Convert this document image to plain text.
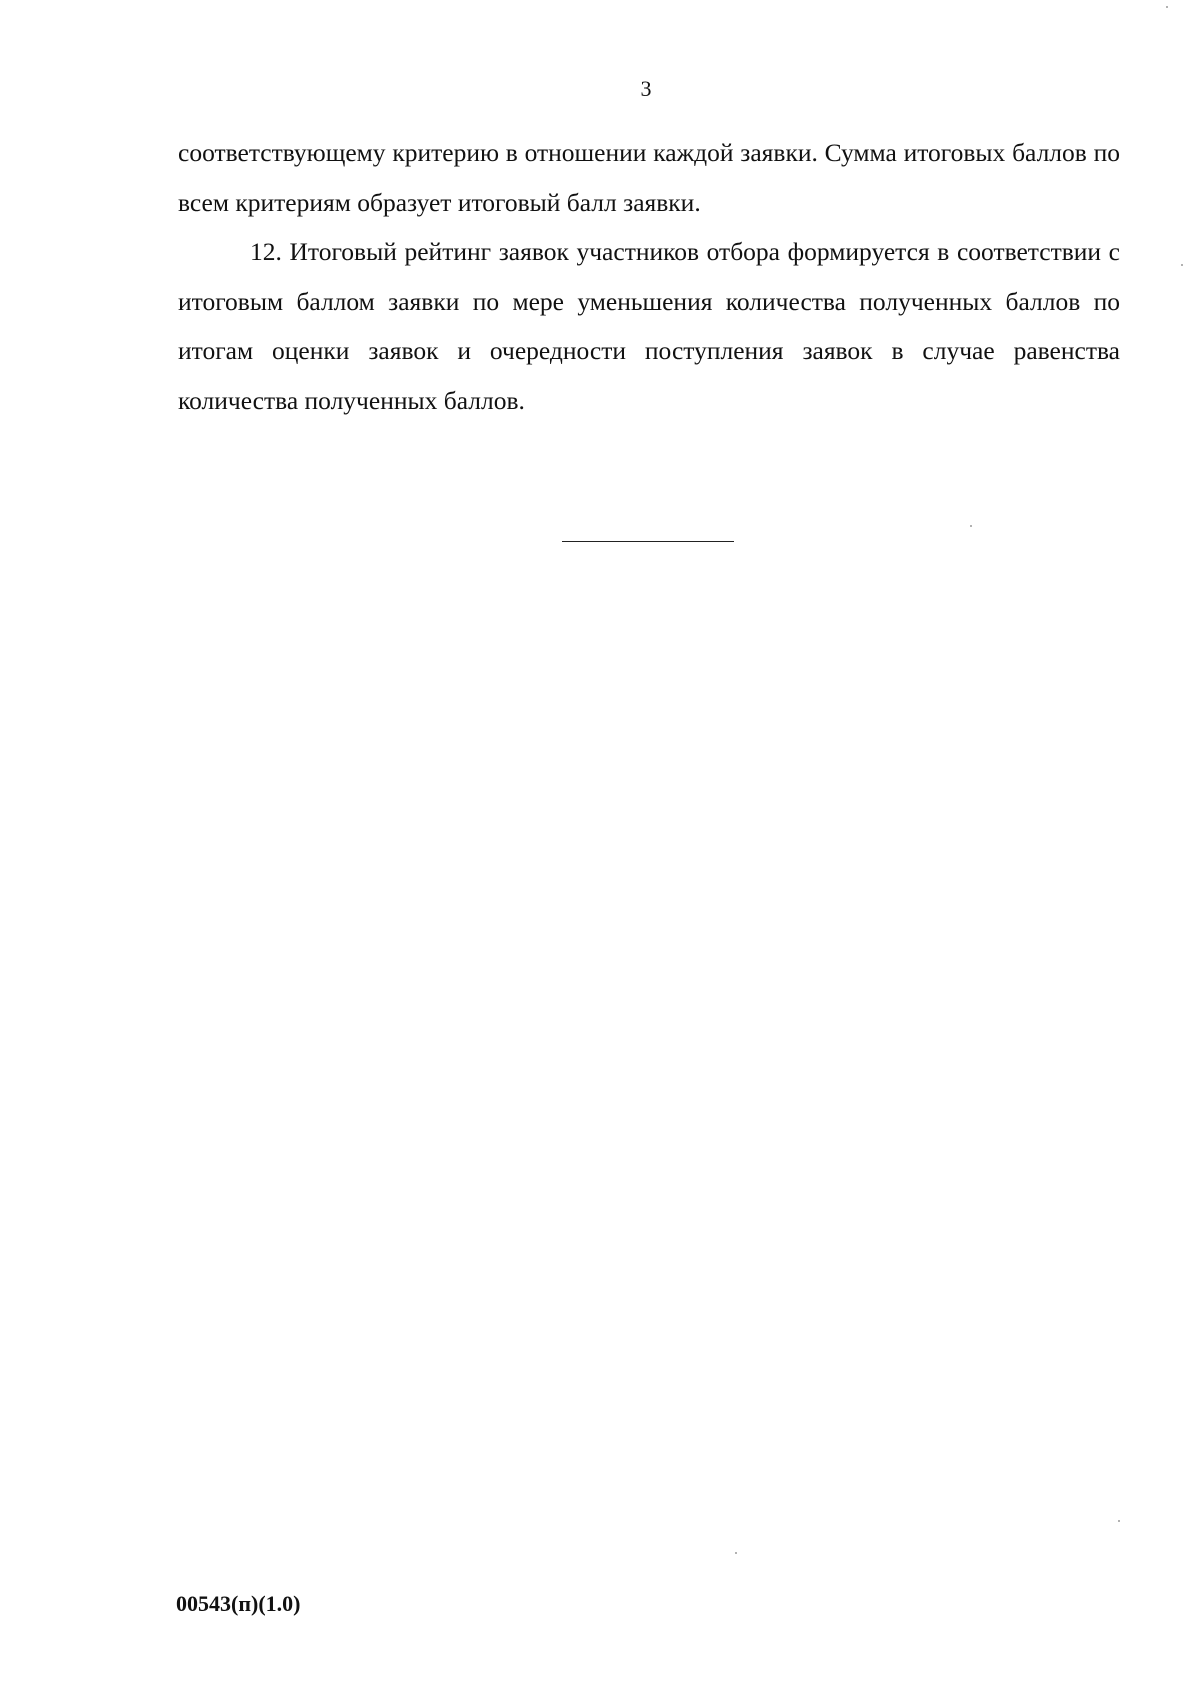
3

соответствующему критерию в отношении каждой заявки. Сумма итоговых баллов по всем критериям образует итоговый балл заявки.

12. Итоговый рейтинг заявок участников отбора формируется в соответствии с итоговым баллом заявки по мере уменьшения количества полученных баллов по итогам оценки заявок и очередности поступления заявок в случае равенства количества полученных баллов.

00543(п)(1.0)
